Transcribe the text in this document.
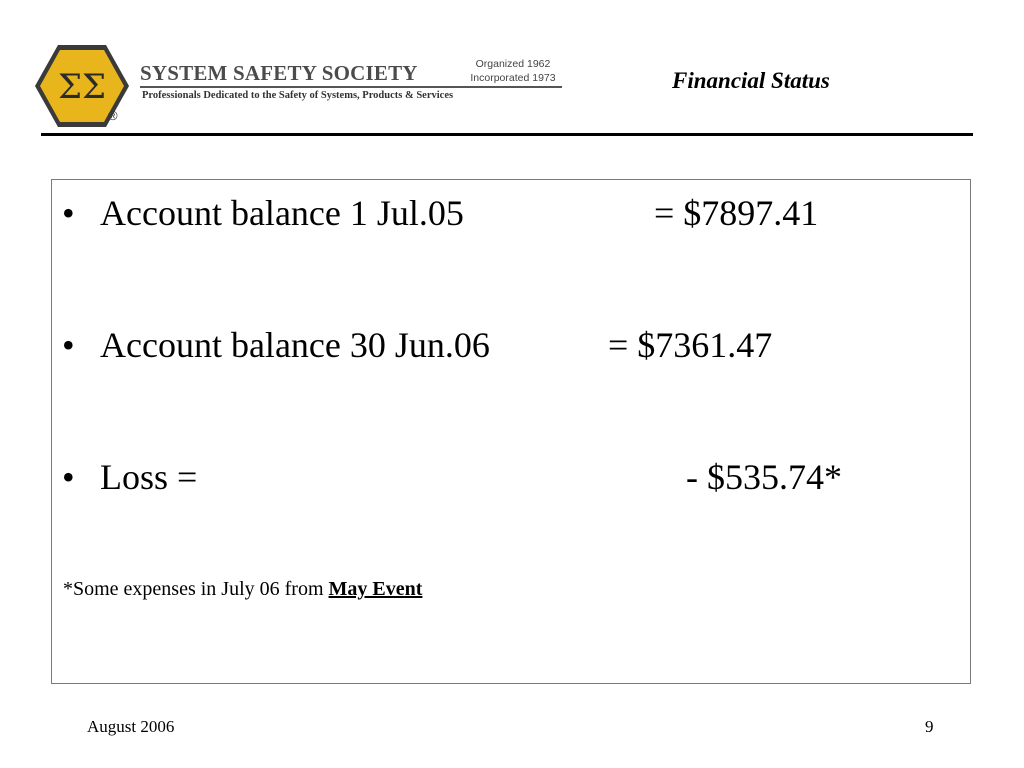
ΣΣ
®
SYSTEM SAFETY SOCIETY	Organized 1962
Incorporated 1973
Professionals Dedicated to the Safety of Systems, Products & Services
Financial Status
• Account balance 1 Jul.05	= $7897.41
• Account balance 30 Jun.06	= $7361.47
• Loss =	- $535.74*
*Some expenses in July 06 from May Event
August 2006	9
